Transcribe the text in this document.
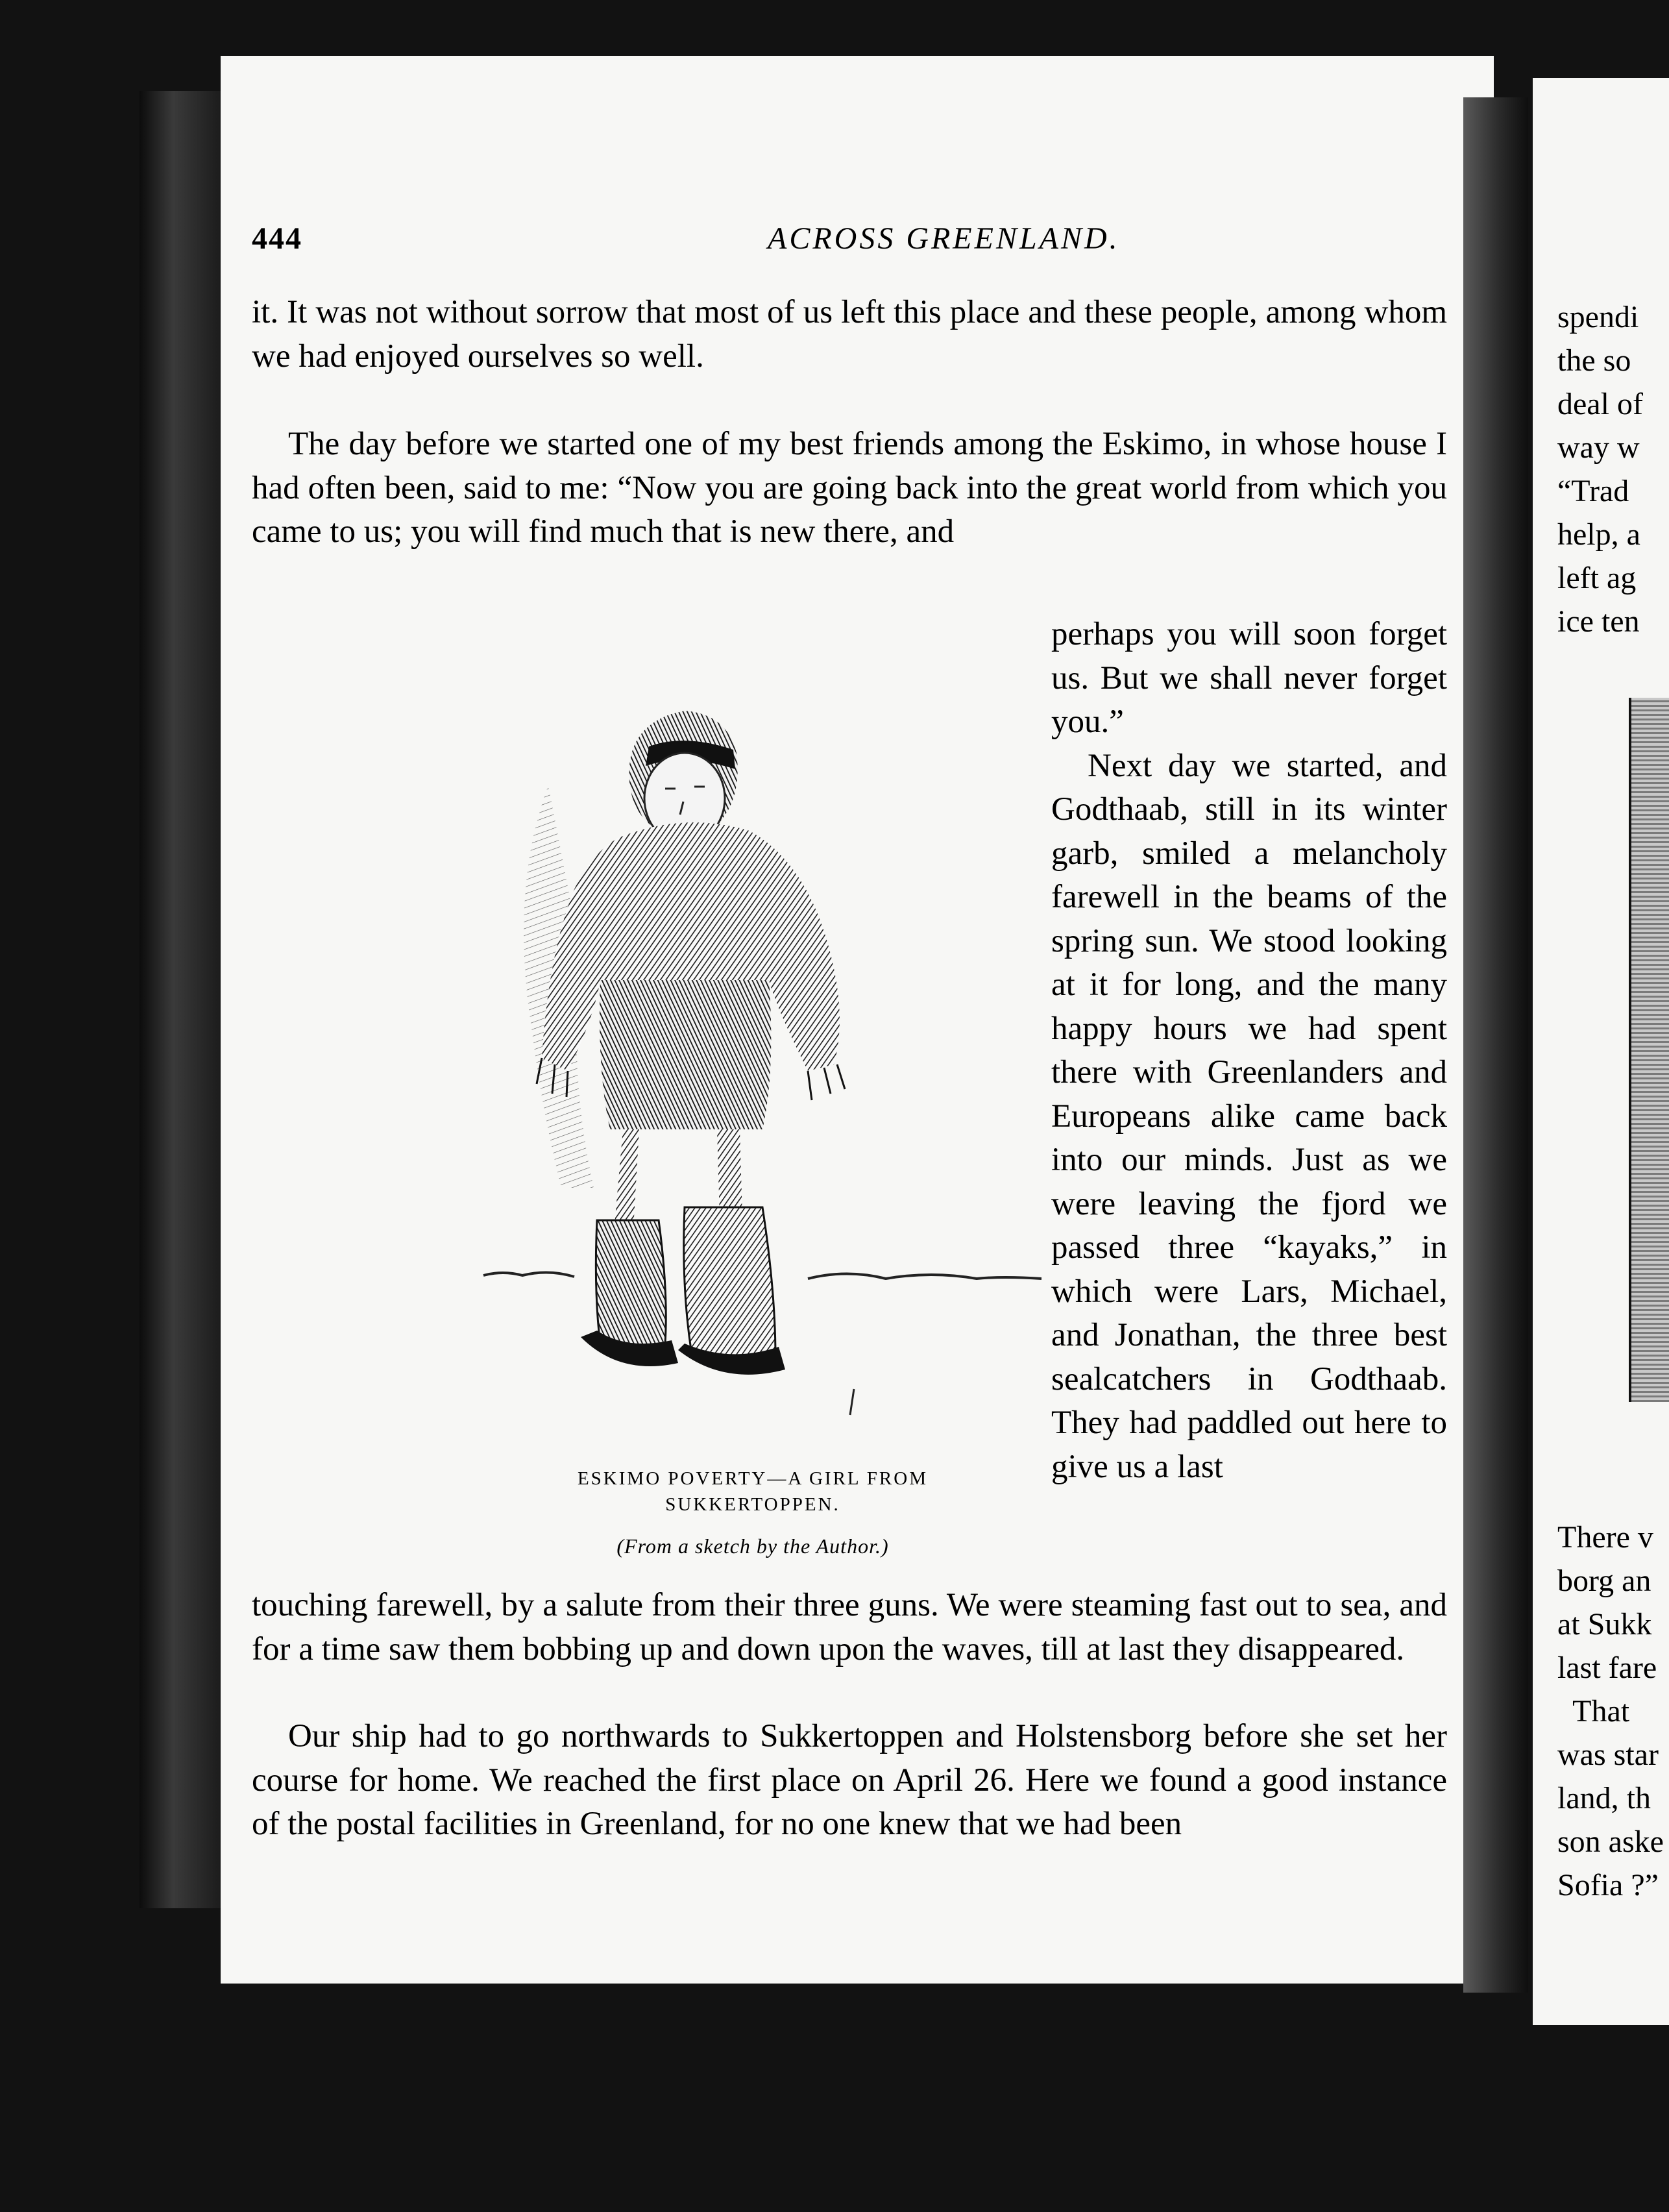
444	ACROSS GREENLAND.

it. It was not without sorrow that most of us left this place and these people, among whom we had enjoyed ourselves so well.

The day before we started one of my best friends among the Eskimo, in whose house I had often been, said to me: “Now you are going back into the great world from which you came to us; you will find much that is new there, and

perhaps you will soon forget us. But we shall never forget you.”
Next day we started, and Godthaab, still in its winter garb, smiled a melancholy farewell in the beams of the spring sun. We stood looking at it for long, and the many happy hours we had spent there with Greenlanders and Europeans alike came back into our minds. Just as we were leaving the fjord we passed three “kayaks,” in which were Lars, Michael, and Jonathan, the three best sealcatchers in Godthaab. They had paddled out here to give us a last

ESKIMO POVERTY—A GIRL FROM

SUKKERTOPPEN.

(From a sketch by the Author.)

touching farewell, by a salute from their three guns. We were steaming fast out to sea, and for a time saw them bobbing up and down upon the waves, till at last they disappeared.

Our ship had to go northwards to Sukkertoppen and Holstensborg before she set her course for home. We reached the first place on April 26. Here we found a good instance of the postal facilities in Greenland, for no one knew that we had been

spendi
the so
deal of
way w
“Trad
help, a
left ag
ice ten

There v
borg an
at Sukk
last fare
That
was star
land, th
son aske
Sofia ?”
